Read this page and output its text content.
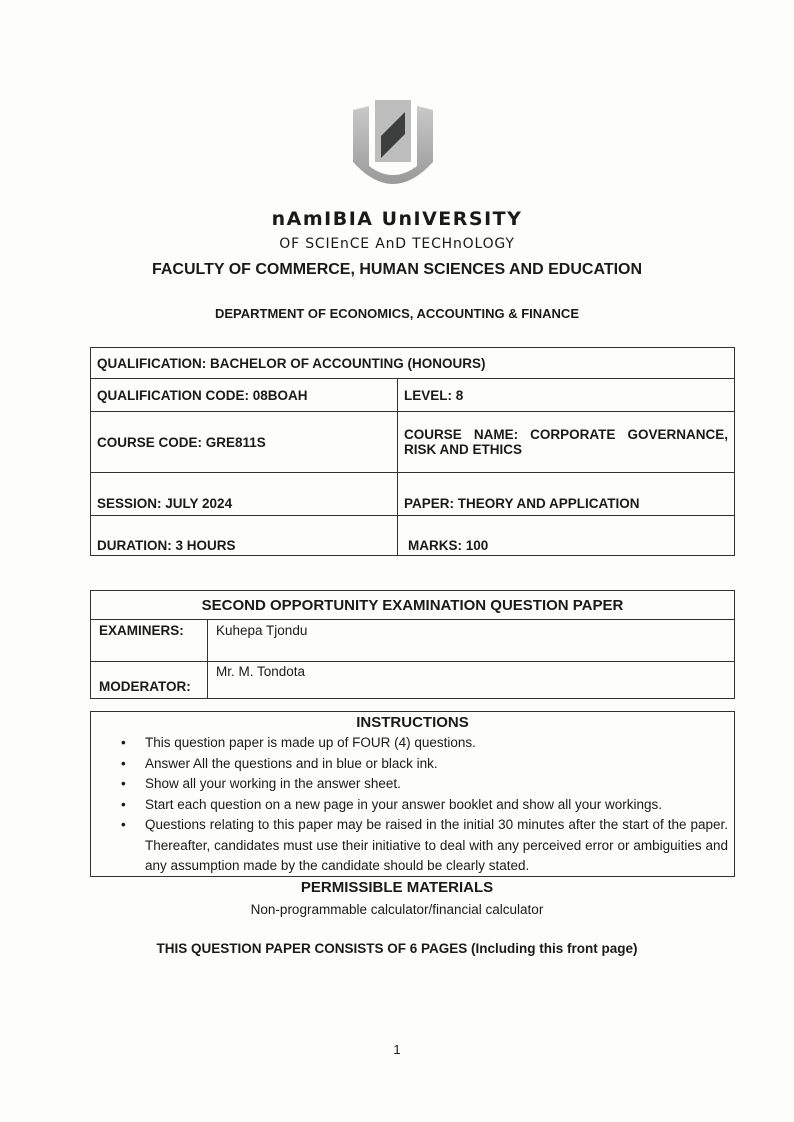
nAmIBIA UnIVERSITY
OF SCIEnCE AnD TECHnOLOGY
FACULTY OF COMMERCE, HUMAN SCIENCES AND EDUCATION
DEPARTMENT OF ECONOMICS, ACCOUNTING & FINANCE
QUALIFICATION: BACHELOR OF ACCOUNTING (HONOURS)	
QUALIFICATION CODE: 08BOAH	LEVEL: 8
COURSE CODE: GRE811S	COURSE NAME: CORPORATE GOVERNANCE,
RISK AND ETHICS

SESSION: JULY 2024	PAPER: THEORY AND APPLICATION
DURATION: 3 HOURS	MARKS: 100
SECOND OPPORTUNITY EXAMINATION QUESTION PAPER	
EXAMINERS:	Kuhepa Tjondu
MODERATOR:	Mr. M. Tondota
INSTRUCTIONS
• This question paper is made up of FOUR (4) questions.
• Answer All the questions and in blue or black ink.
• Show all your working in the answer sheet.
• Start each question on a new page in your answer booklet and show all your workings.
• Questions relating to this paper may be raised in the initial 30 minutes after the start of the paper. Thereafter, candidates must use their initiative to deal with any perceived error or ambiguities and any assumption made by the candidate should be clearly stated.
PERMISSIBLE MATERIALS
Non-programmable calculator/financial calculator
THIS QUESTION PAPER CONSISTS OF 6 PAGES (Including this front page)
1
